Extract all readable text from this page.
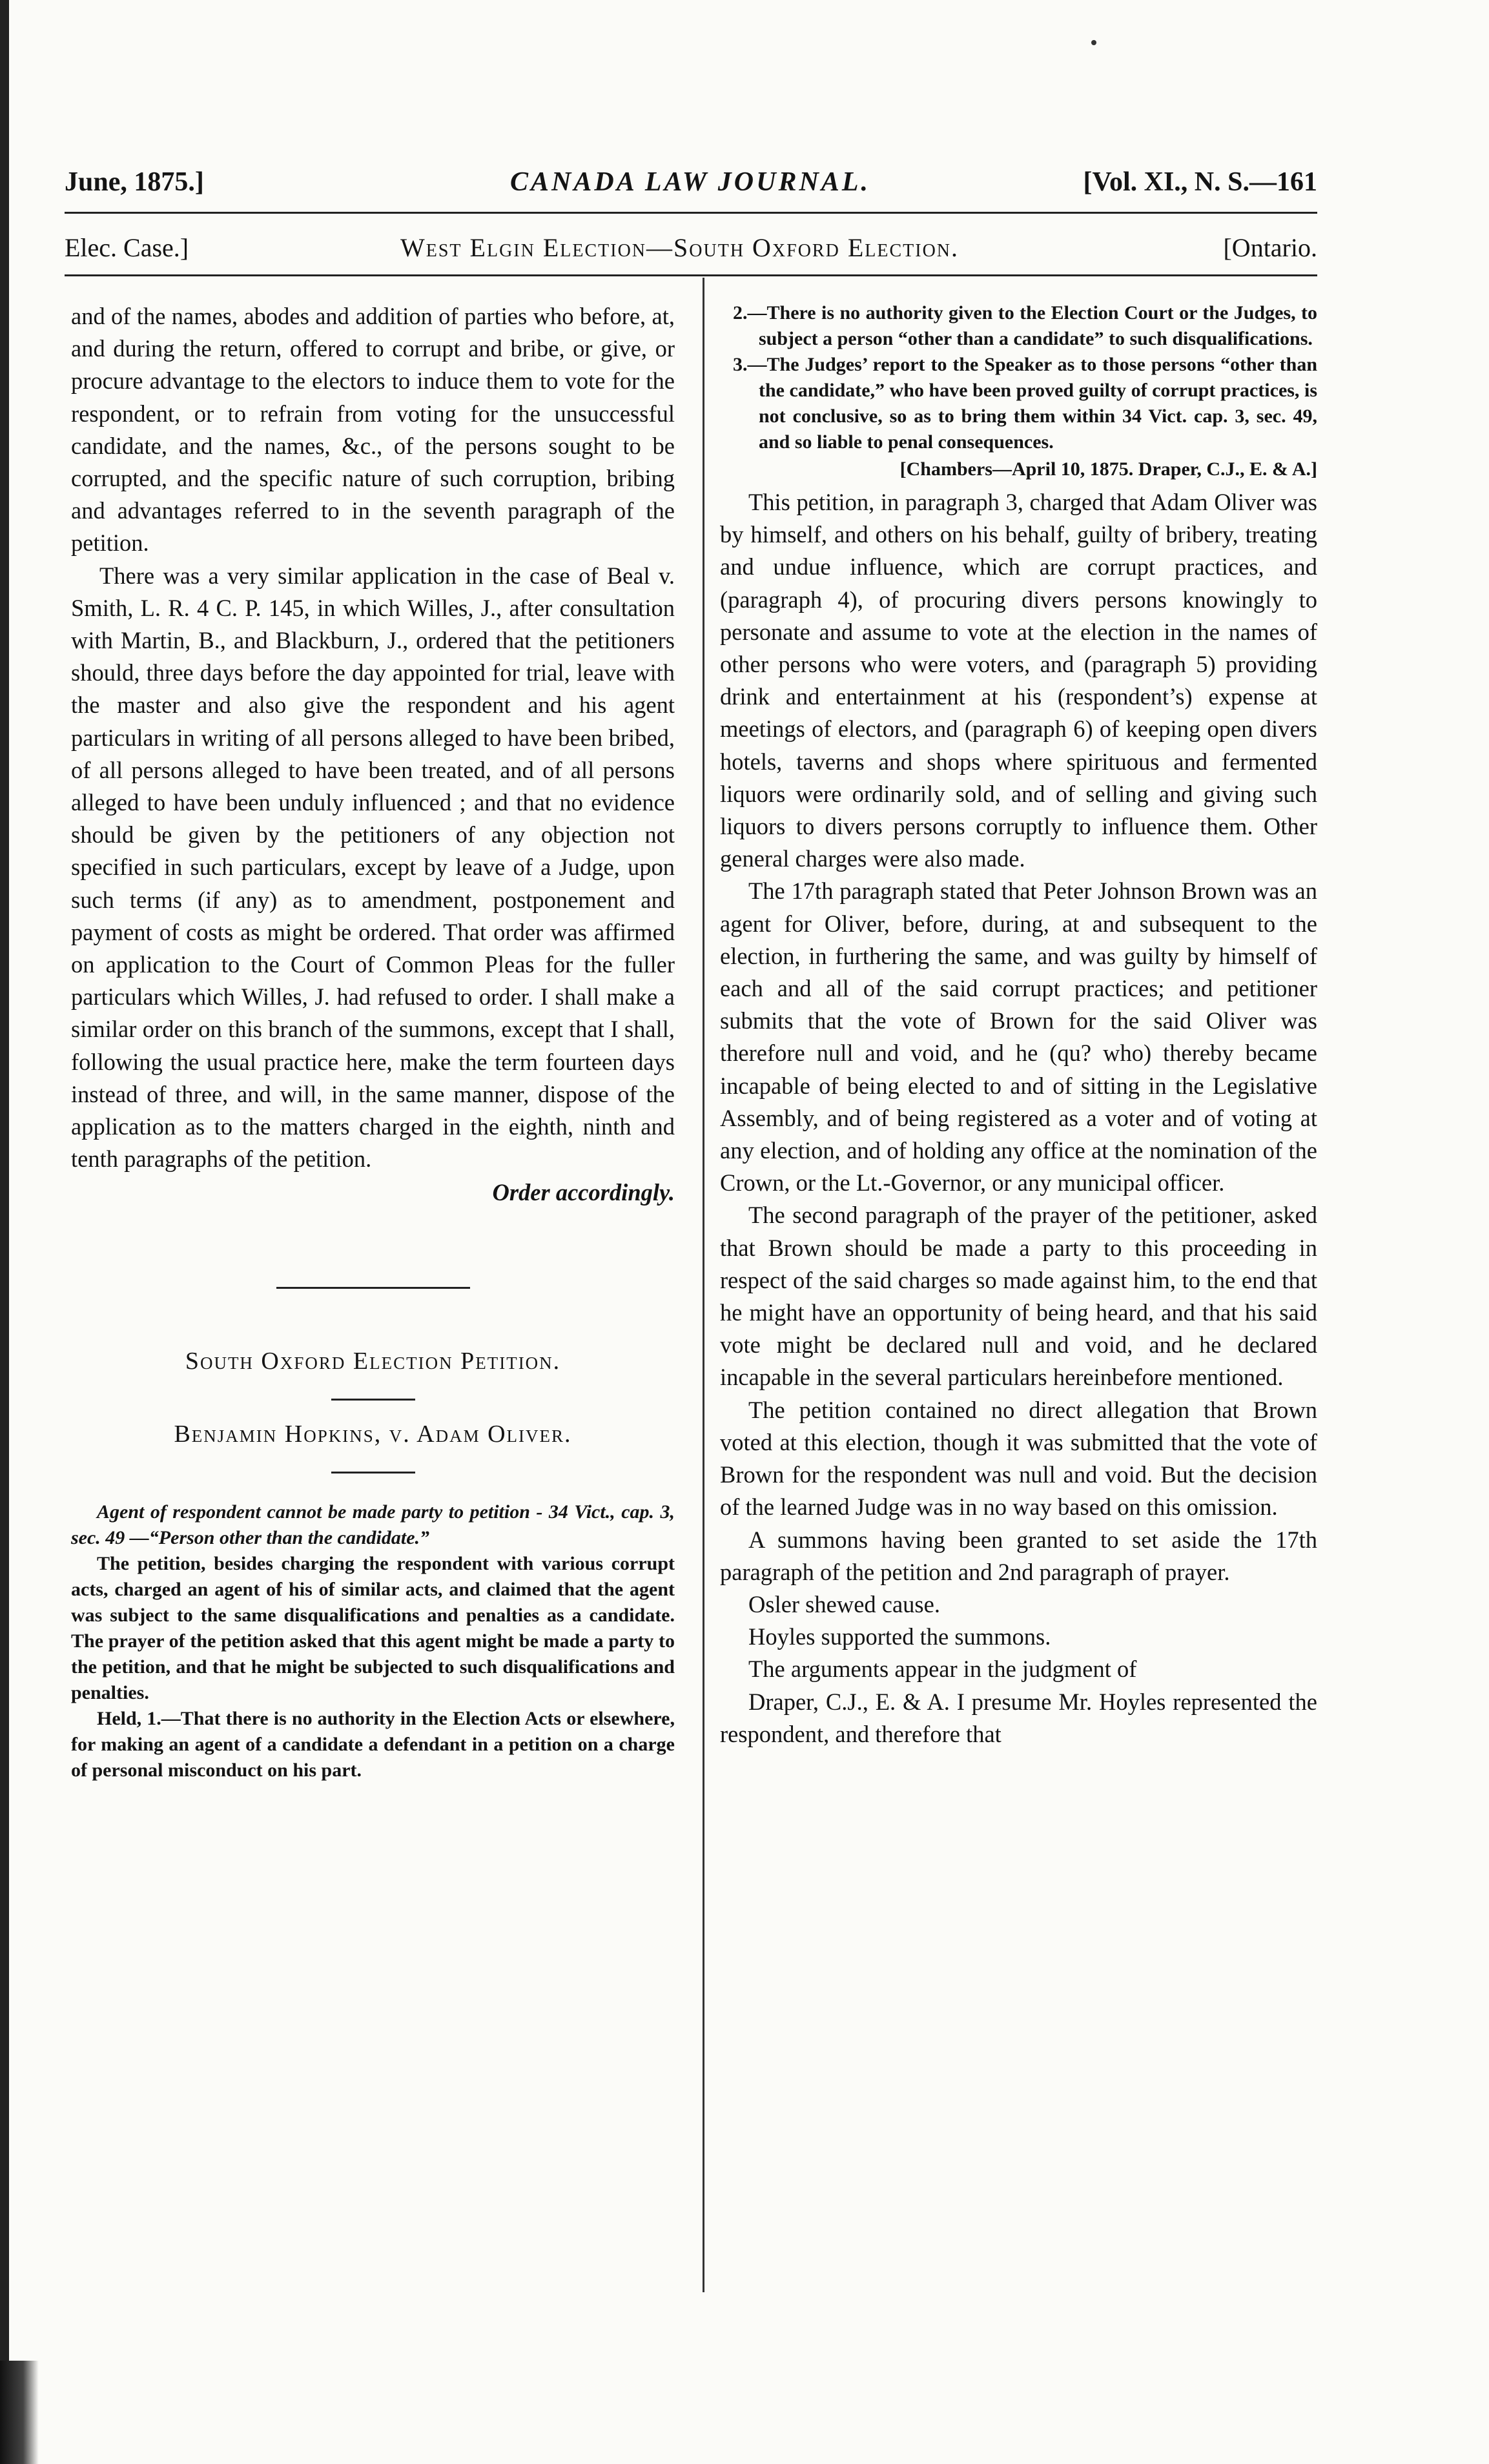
June, 1875.]	CANADA LAW JOURNAL.	[Vol. XI., N. S.—161
Elec. Case.]	West Elgin Election—South Oxford Election.	[Ontario.

and of the names, abodes and addition of parties who before, at, and during the return, offered to corrupt and bribe, or give, or procure advantage to the electors to induce them to vote for the respondent, or to refrain from voting for the unsuccessful candidate, and the names, &c., of the persons sought to be corrupted, and the specific nature of such corruption, bribing and advantages referred to in the seventh paragraph of the petition.

There was a very similar application in the case of Beal v. Smith, L. R. 4 C. P. 145, in which Willes, J., after consultation with Martin, B., and Blackburn, J., ordered that the petitioners should, three days before the day appointed for trial, leave with the master and also give the respondent and his agent particulars in writing of all persons alleged to have been bribed, of all persons alleged to have been treated, and of all persons alleged to have been unduly influenced ; and that no evidence should be given by the petitioners of any objection not specified in such particulars, except by leave of a Judge, upon such terms (if any) as to amendment, postponement and payment of costs as might be ordered. That order was affirmed on application to the Court of Common Pleas for the fuller particulars which Willes, J. had refused to order. I shall make a similar order on this branch of the summons, except that I shall, following the usual practice here, make the term fourteen days instead of three, and will, in the same manner, dispose of the application as to the matters charged in the eighth, ninth and tenth paragraphs of the petition.

Order accordingly.

South Oxford Election Petition.
Benjamin Hopkins, v. Adam Oliver.

Agent of respondent cannot be made party to petition - 34 Vict., cap. 3, sec. 49 —“Person other than the candidate.”

The petition, besides charging the respondent with various corrupt acts, charged an agent of his of similar acts, and claimed that the agent was subject to the same disqualifications and penalties as a candidate. The prayer of the petition asked that this agent might be made a party to the petition, and that he might be subjected to such disqualifications and penalties.

Held, 1.—That there is no authority in the Election Acts or elsewhere, for making an agent of a candidate a defendant in a petition on a charge of personal misconduct on his part.

2.—There is no authority given to the Election Court or the Judges, to subject a person “other than a candidate” to such disqualifications.

3.—The Judges’ report to the Speaker as to those persons “other than the candidate,” who have been proved guilty of corrupt practices, is not conclusive, so as to bring them within 34 Vict. cap. 3, sec. 49, and so liable to penal consequences.

[Chambers—April 10, 1875. Draper, C.J., E. & A.]

This petition, in paragraph 3, charged that Adam Oliver was by himself, and others on his behalf, guilty of bribery, treating and undue influence, which are corrupt practices, and (paragraph 4), of procuring divers persons knowingly to personate and assume to vote at the election in the names of other persons who were voters, and (paragraph 5) providing drink and entertainment at his (respondent’s) expense at meetings of electors, and (paragraph 6) of keeping open divers hotels, taverns and shops where spirituous and fermented liquors were ordinarily sold, and of selling and giving such liquors to divers persons corruptly to influence them. Other general charges were also made.

The 17th paragraph stated that Peter Johnson Brown was an agent for Oliver, before, during, at and subsequent to the election, in furthering the same, and was guilty by himself of each and all of the said corrupt practices; and petitioner submits that the vote of Brown for the said Oliver was therefore null and void, and he (qu? who) thereby became incapable of being elected to and of sitting in the Legislative Assembly, and of being registered as a voter and of voting at any election, and of holding any office at the nomination of the Crown, or the Lt.-Governor, or any municipal officer.

The second paragraph of the prayer of the petitioner, asked that Brown should be made a party to this proceeding in respect of the said charges so made against him, to the end that he might have an opportunity of being heard, and that his said vote might be declared null and void, and he declared incapable in the several particulars hereinbefore mentioned.

The petition contained no direct allegation that Brown voted at this election, though it was submitted that the vote of Brown for the respondent was null and void. But the decision of the learned Judge was in no way based on this omission.

A summons having been granted to set aside the 17th paragraph of the petition and 2nd paragraph of prayer.

Osler shewed cause.

Hoyles supported the summons.

The arguments appear in the judgment of

Draper, C.J., E. & A. I presume Mr. Hoyles represented the respondent, and therefore that
